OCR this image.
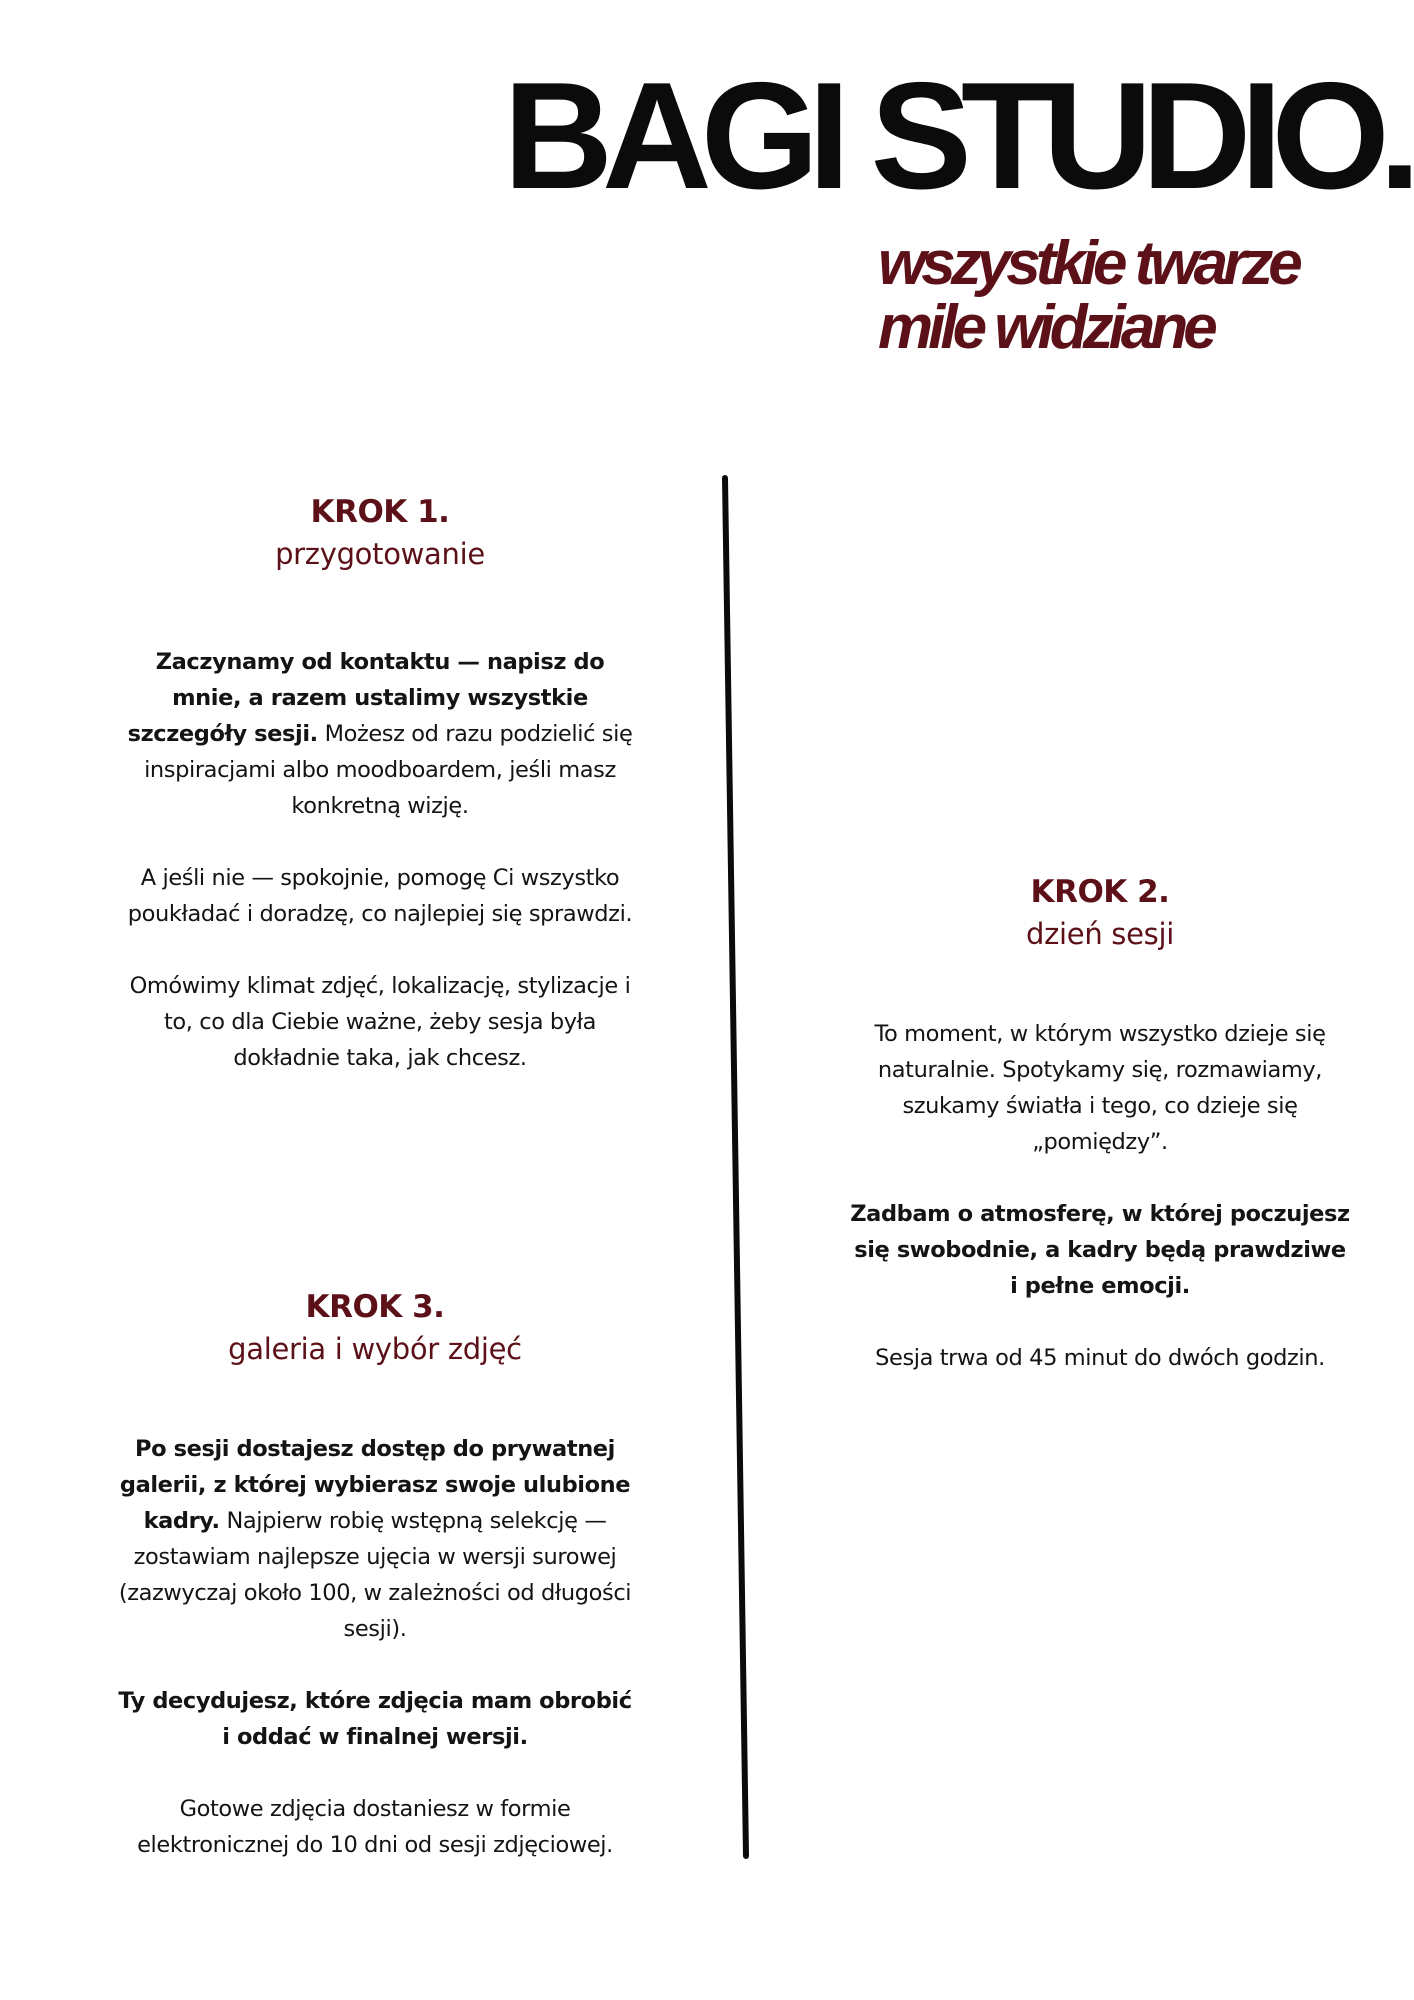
BAGI STUDIO.
wszystkie twarze
mile widziane
KROK 1.
przygotowanie

Zaczynamy od kontaktu — napisz do mnie, a razem ustalimy wszystkie szczegóły sesji. Możesz od razu podzielić się inspiracjami albo moodboardem, jeśli masz konkretną wizję.

A jeśli nie — spokojnie, pomogę Ci wszystko poukładać i doradzę, co najlepiej się sprawdzi.

Omówimy klimat zdjęć, lokalizację, stylizacje i to, co dla Ciebie ważne, żeby sesja była dokładnie taka, jak chcesz.

KROK 2.
dzień sesji

To moment, w którym wszystko dzieje się naturalnie. Spotykamy się, rozmawiamy, szukamy światła i tego, co dzieje się „pomiędzy”.

Zadbam o atmosferę, w której poczujesz się swobodnie, a kadry będą prawdziwe i pełne emocji.

Sesja trwa od 45 minut do dwóch godzin.

KROK 3.
galeria i wybór zdjęć

Po sesji dostajesz dostęp do prywatnej galerii, z której wybierasz swoje ulubione kadry. Najpierw robię wstępną selekcję — zostawiam najlepsze ujęcia w wersji surowej (zazwyczaj około 100, w zależności od długości sesji).

Ty decydujesz, które zdjęcia mam obrobić i oddać w finalnej wersji.

Gotowe zdjęcia dostaniesz w formie elektronicznej do 10 dni od sesji zdjęciowej.
